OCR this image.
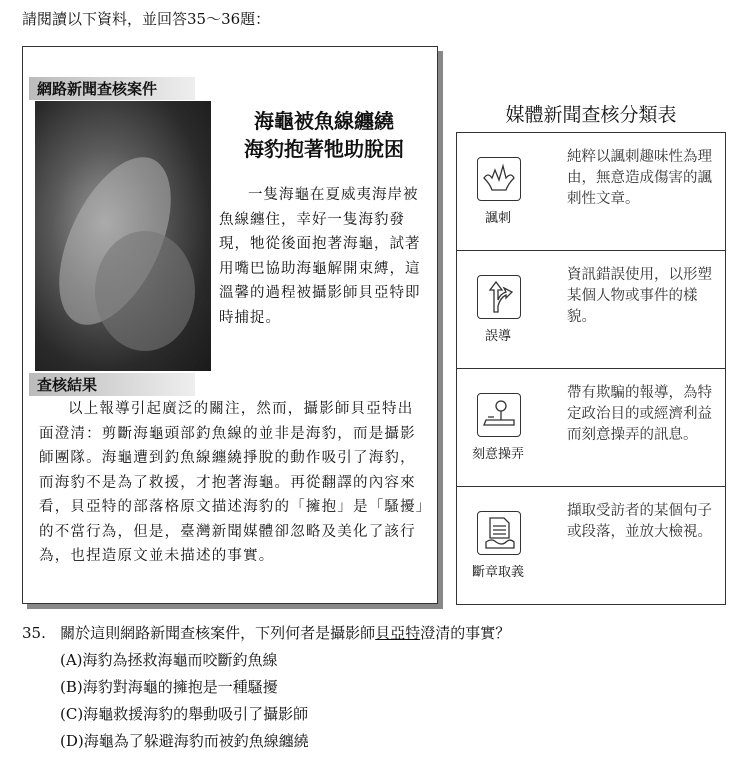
請閱讀以下資料，並回答35～36題：
網路新聞查核案件
海龜被魚線纏繞
海豹抱著牠助脫困
一隻海龜在夏威夷海岸被魚線纏住，幸好一隻海豹發現，牠從後面抱著海龜，試著用嘴巴協助海龜解開束縛，這溫馨的過程被攝影師貝亞特即時捕捉。
查核結果
以上報導引起廣泛的關注，然而，攝影師貝亞特出面澄清：剪斷海龜頭部釣魚線的並非是海豹，而是攝影師團隊。海龜遭到釣魚線纏繞掙脫的動作吸引了海豹，而海豹不是為了救援，才抱著海龜。再從翻譯的內容來看，貝亞特的部落格原文描述海豹的「擁抱」是「騷擾」的不當行為，但是，臺灣新聞媒體卻忽略及美化了該行為，也捏造原文並未描述的事實。
媒體新聞查核分類表
諷刺
純粹以諷刺趣味性為理由，無意造成傷害的諷刺性文章。
誤導
資訊錯誤使用，以形塑某個人物或事件的樣貌。
刻意操弄
帶有欺騙的報導，為特定政治目的或經濟利益而刻意操弄的訊息。
斷章取義
擷取受訪者的某個句子或段落，並放大檢視。
35. 關於這則網路新聞查核案件，下列何者是攝影師貝亞特澄清的事實？
(A)海豹為拯救海龜而咬斷釣魚線
(B)海豹對海龜的擁抱是一種騷擾
(C)海龜救援海豹的舉動吸引了攝影師
(D)海龜為了躲避海豹而被釣魚線纏繞
